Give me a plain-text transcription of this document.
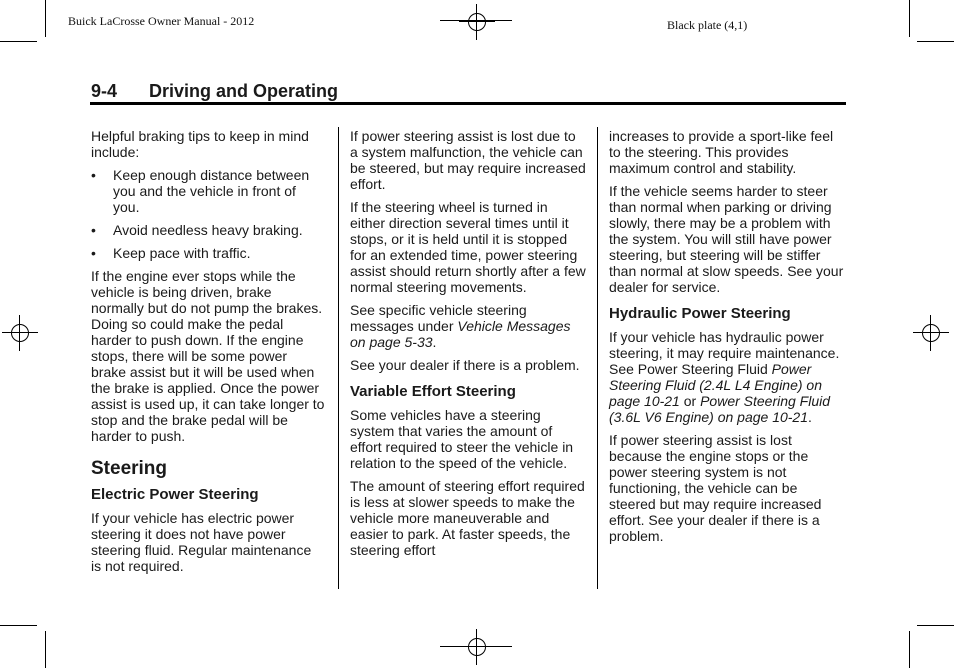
Buick LaCrosse Owner Manual - 2012	Black plate (4,1)
9-4 Driving and Operating

Helpful braking tips to keep in mind include:

• Keep enough distance between you and the vehicle in front of you.
• Avoid needless heavy braking.
• Keep pace with traffic.

If the engine ever stops while the vehicle is being driven, brake normally but do not pump the brakes. Doing so could make the pedal harder to push down. If the engine stops, there will be some power brake assist but it will be used when the brake is applied. Once the power assist is used up, it can take longer to stop and the brake pedal will be harder to push.

Steering
Electric Power Steering

If your vehicle has electric power steering it does not have power steering fluid. Regular maintenance is not required.

If power steering assist is lost due to a system malfunction, the vehicle can be steered, but may require increased effort.

If the steering wheel is turned in either direction several times until it stops, or it is held until it is stopped for an extended time, power steering assist should return shortly after a few normal steering movements.

See specific vehicle steering messages under Vehicle Messages on page 5-33.

See your dealer if there is a problem.

Variable Effort Steering

Some vehicles have a steering system that varies the amount of effort required to steer the vehicle in relation to the speed of the vehicle.

The amount of steering effort required is less at slower speeds to make the vehicle more maneuverable and easier to park. At faster speeds, the steering effort

increases to provide a sport-like feel to the steering. This provides maximum control and stability.

If the vehicle seems harder to steer than normal when parking or driving slowly, there may be a problem with the system. You will still have power steering, but steering will be stiffer than normal at slow speeds. See your dealer for service.

Hydraulic Power Steering

If your vehicle has hydraulic power steering, it may require maintenance. See Power Steering Fluid Power Steering Fluid (2.4L L4 Engine) on page 10-21 or Power Steering Fluid (3.6L V6 Engine) on page 10-21.

If power steering assist is lost because the engine stops or the power steering system is not functioning, the vehicle can be steered but may require increased effort. See your dealer if there is a problem.
